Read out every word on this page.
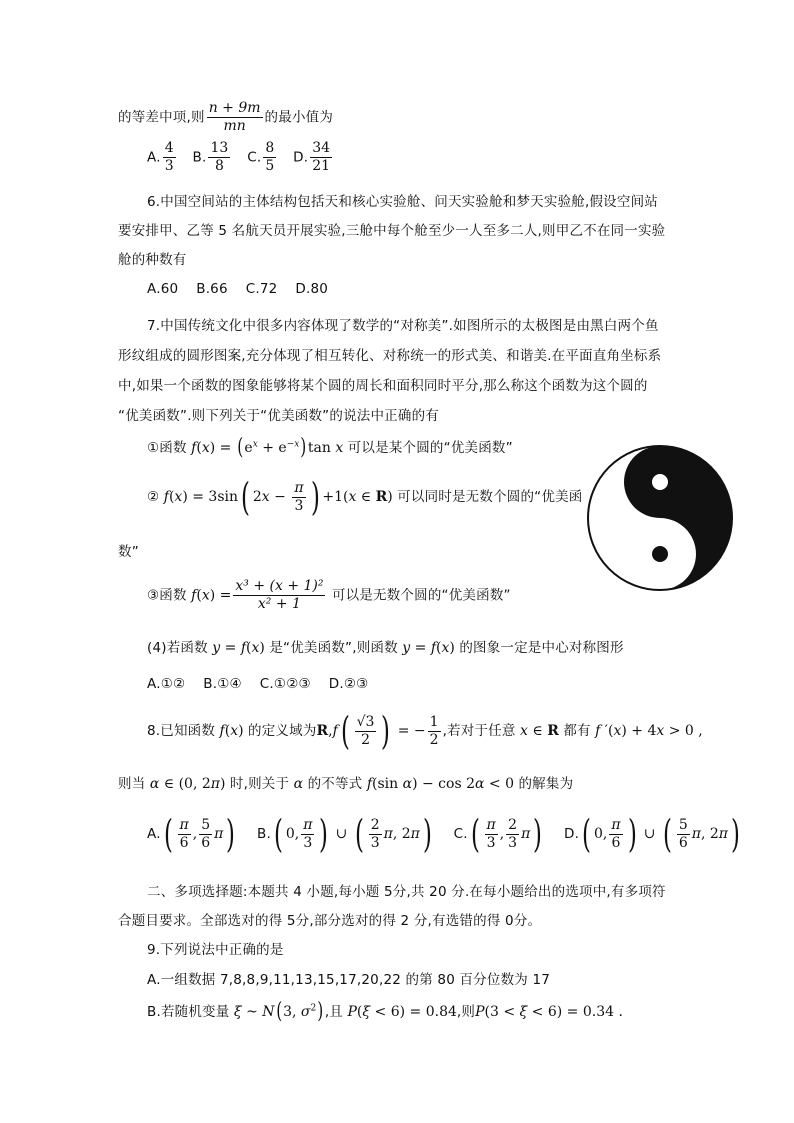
的等差中项,则 $\frac{n + 9m}{mn}$ 的最小值为
A. $\frac{4}{3} B$. $\frac{13}{8} C$. $\frac{8}{5} D$. $\frac{34}{21}$
6.中国空间站的主体结构包括天和核心实验舱、问天实验舱和梦天实验舱,假设空间站
要安排甲、乙等 5 名航天员开展实验,三舱中每个舱至少一人至多二人,则甲乙不在同一实验
舱的种数有
A.60    B.66    C.72    D.80
7.中国传统文化中很多内容体现了数学的“对称美”.如图所示的太极图是由黑白两个鱼
形纹组成的圆形图案,充分体现了相互转化、对称统一的形式美、和谐美.在平面直角坐标系
中,如果一个函数的图象能够将某个圆的周长和面积同时平分,那么称这个函数为这个圆的
“优美函数”.则下列关于“优美函数”的说法中正确的有
①函数 $f(x) = (e^x + e^{-x})\tan$ x 可以是某个圆的“优美函数”
② f(x) = 3sin( $2x - \frac{\pi}{3}$ ) +1(x ∈ R) 可以同时是无数个圆的“优美函
数”
③函数 $f(x) = \frac{\text{x³ + (x + 1)²}}{\text{x² + 1}}$ 可以是无数个圆的“优美函数”
(4)若函数 y = f(x) 是“优美函数”,则函数 y = f(x) 的图象一定是中心对称图形
A.①②    B.①④    C.①②③    D.②③
8.已知函数 f(x) 的定义域为$R,f( \frac{√3}{2}$ ) = − $\frac{1}{2}$ ,若对于任意 x ∈ R 都有 f ′(x) + 4x > 0 ,
则当 α ∈ (0, 2π) 时,则关于 α 的不等式 f(sin α) − cos 2α < 0 的解集为
$A.( \frac{\pi}{6}$ , $\frac{5}{6} \pi$) B.( 0, $\frac{\pi}{3}$ ) ∪ ( $\frac{2}{3} \pi$, 2π) $C.( \frac{\pi}{3}$ , $\frac{2}{3} \pi$) D.( 0, $\frac{\pi}{6}$ ) ∪ ( $\frac{5}{6} \pi$, 2π)
二、多项选择题:本题共 4 小题,每小题 5分,共 20 分.在每小题给出的选项中,有多项符
合题目要求。全部选对的得 5分,部分选对的得 2 分,有选错的得 0分。
9.下列说法中正确的是
A.一组数据 7,8,8,9,11,13,15,17,20,22 的第 80 百分位数为 17
B.若随机变量 ξ ~ N(3, $\sigma^2$),且 P(ξ < 6) = 0.84,则P(3 < ξ < 6) = 0.34 .
